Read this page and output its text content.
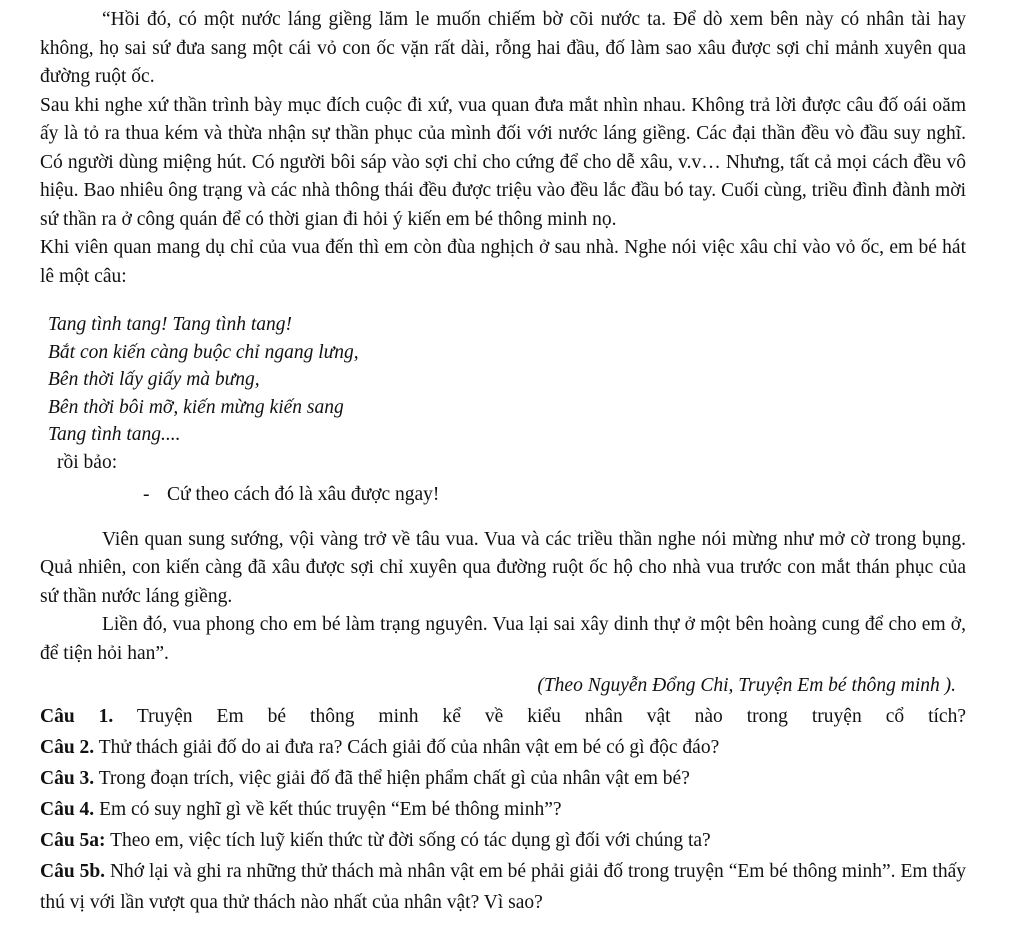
“Hồi đó, có một nước láng giềng lăm le muốn chiếm bờ cõi nước ta. Để dò xem bên này có nhân tài hay không, họ sai sứ đưa sang một cái vỏ con ốc vặn rất dài, rỗng hai đầu, đố làm sao xâu được sợi chỉ mảnh xuyên qua đường ruột ốc.

Sau khi nghe xứ thần trình bày mục đích cuộc đi xứ, vua quan đưa mắt nhìn nhau. Không trả lời được câu đố oái oăm ấy là tỏ ra thua kém và thừa nhận sự thần phục của mình đối với nước láng giềng. Các đại thần đều vò đầu suy nghĩ. Có người dùng miệng hút. Có người bôi sáp vào sợi chỉ cho cứng để cho dễ xâu, v.v… Nhưng, tất cả mọi cách đều vô hiệu. Bao nhiêu ông trạng và các nhà thông thái đều được triệu vào đều lắc đầu bó tay. Cuối cùng, triều đình đành mời sứ thần ra ở công quán để có thời gian đi hỏi ý kiến em bé thông minh nọ.

Khi viên quan mang dụ chỉ của vua đến thì em còn đùa nghịch ở sau nhà. Nghe nói việc xâu chỉ vào vỏ ốc, em bé hát lê một câu:

Tang tình tang! Tang tình tang!
Bắt con kiến càng buộc chỉ ngang lưng,
Bên thời lấy giấy mà bưng,
Bên thời bôi mỡ, kiến mừng kiến sang
Tang tình tang....

rồi bảo:

- Cứ theo cách đó là xâu được ngay!

Viên quan sung sướng, vội vàng trở về tâu vua. Vua và các triều thần nghe nói mừng như mở cờ trong bụng. Quả nhiên, con kiến càng đã xâu được sợi chỉ xuyên qua đường ruột ốc hộ cho nhà vua trước con mắt thán phục của sứ thần nước láng giềng.

Liền đó, vua phong cho em bé làm trạng nguyên. Vua lại sai xây dinh thự ở một bên hoàng cung để cho em ở, để tiện hỏi han”.

(Theo Nguyễn Đổng Chi, Truyện Em bé thông minh ).

Câu 1. Truyện Em bé thông minh kể về kiểu nhân vật nào trong truyện cổ tích?

Câu 2. Thử thách giải đố do ai đưa ra? Cách giải đố của nhân vật em bé có gì độc đáo?

Câu 3. Trong đoạn trích, việc giải đố đã thể hiện phẩm chất gì của nhân vật em bé?

Câu 4. Em có suy nghĩ gì về kết thúc truyện “Em bé thông minh”?

Câu 5a: Theo em, việc tích luỹ kiến thức từ đời sống có tác dụng gì đối với chúng ta?

Câu 5b. Nhớ lại và ghi ra những thử thách mà nhân vật em bé phải giải đố trong truyện “Em bé thông minh”. Em thấy thú vị với lần vượt qua thử thách nào nhất của nhân vật? Vì sao?
